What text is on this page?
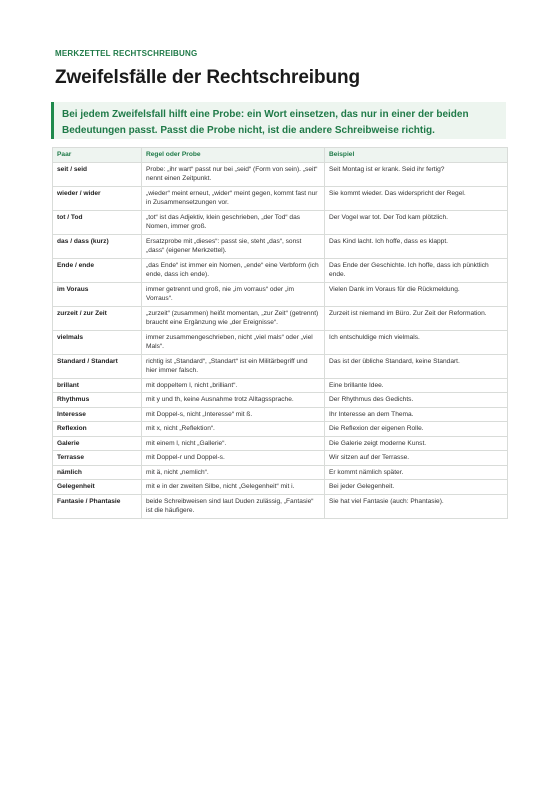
MERKZETTEL RECHTSCHREIBUNG
Zweifelsfälle der Rechtschreibung

Bei jedem Zweifelsfall hilft eine Probe: ein Wort einsetzen, das nur in einer der beiden Bedeutungen passt. Passt die Probe nicht, ist die andere Schreibweise richtig.

Paar	Regel oder Probe	Beispiel
seit / seid	Probe: „ihr wart“ passt nur bei „seid“ (Form von sein). „seit“ nennt einen Zeitpunkt.	Seit Montag ist er krank. Seid ihr fertig?
wieder / wider	„wieder“ meint erneut, „wider“ meint gegen, kommt fast nur in Zusammensetzungen vor.	Sie kommt wieder. Das widerspricht der Regel.
tot / Tod	„tot“ ist das Adjektiv, klein geschrieben, „der Tod“ das Nomen, immer groß.	Der Vogel war tot. Der Tod kam plötzlich.
das / dass (kurz)	Ersatzprobe mit „dieses“: passt sie, steht „das“, sonst „dass“ (eigener Merkzettel).	Das Kind lacht. Ich hoffe, dass es klappt.
Ende / ende	„das Ende“ ist immer ein Nomen, „ende“ eine Verbform (ich ende, dass ich ende).	Das Ende der Geschichte. Ich hoffe, dass ich pünktlich ende.
im Voraus	immer getrennt und groß, nie „im vorraus“ oder „im Vorraus“.	Vielen Dank im Voraus für die Rückmeldung.
zurzeit / zur Zeit	„zurzeit“ (zusammen) heißt momentan, „zur Zeit“ (getrennt) braucht eine Ergänzung wie „der Ereignisse“.	Zurzeit ist niemand im Büro. Zur Zeit der Reformation.
vielmals	immer zusammengeschrieben, nicht „viel mals“ oder „viel Mals“.	Ich entschuldige mich vielmals.
Standard / Standart	richtig ist „Standard“, „Standart“ ist ein Militärbegriff und hier immer falsch.	Das ist der übliche Standard, keine Standart.
brillant	mit doppeltem l, nicht „brilliant“.	Eine brillante Idee.
Rhythmus	mit y und th, keine Ausnahme trotz Alltagssprache.	Der Rhythmus des Gedichts.
Interesse	mit Doppel-s, nicht „Interesse“ mit ß.	Ihr Interesse an dem Thema.
Reflexion	mit x, nicht „Reflektion“.	Die Reflexion der eigenen Rolle.
Galerie	mit einem l, nicht „Gallerie“.	Die Galerie zeigt moderne Kunst.
Terrasse	mit Doppel-r und Doppel-s.	Wir sitzen auf der Terrasse.
nämlich	mit ä, nicht „nemlich“.	Er kommt nämlich später.
Gelegenheit	mit e in der zweiten Silbe, nicht „Gelegenheit“ mit i.	Bei jeder Gelegenheit.
Fantasie / Phantasie	beide Schreibweisen sind laut Duden zulässig, „Fantasie“ ist die häufigere.	Sie hat viel Fantasie (auch: Phantasie).
